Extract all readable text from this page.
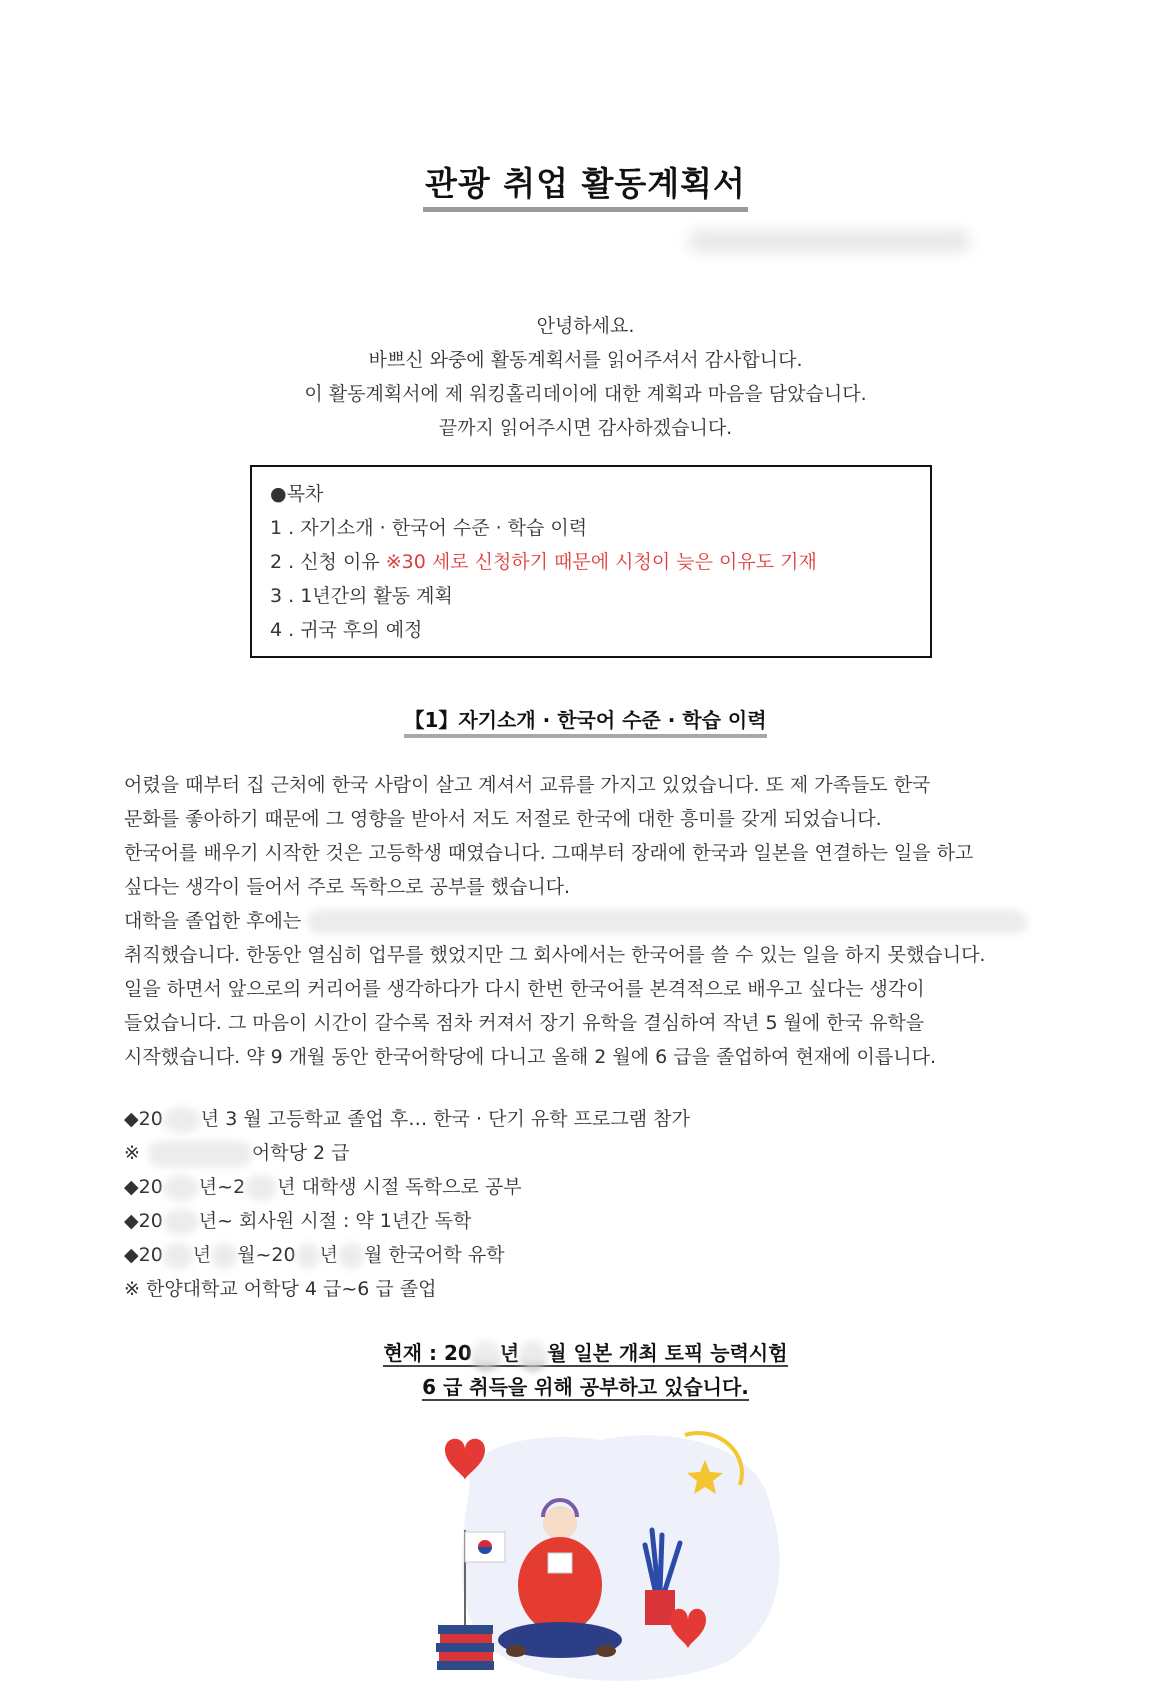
관광 취업 활동계획서
안녕하세요.
바쁘신 와중에 활동계획서를 읽어주셔서 감사합니다.
이 활동계획서에 제 워킹홀리데이에 대한 계획과 마음을 담았습니다.
끝까지 읽어주시면 감사하겠습니다.
●목차
1 . 자기소개 · 한국어 수준 · 학습 이력
2 . 신청 이유 ※30 세로 신청하기 때문에 시청이 늦은 이유도 기재
3 . 1년간의 활동 계획
4 . 귀국 후의 예정
【1】자기소개 · 한국어 수준 · 학습 이력

어렸을 때부터 집 근처에 한국 사람이 살고 계셔서 교류를 가지고 있었습니다. 또 제 가족들도 한국

문화를 좋아하기 때문에 그 영향을 받아서 저도 저절로 한국에 대한 흥미를 갖게 되었습니다.

한국어를 배우기 시작한 것은 고등학생 때였습니다. 그때부터 장래에 한국과 일본을 연결하는 일을 하고

싶다는 생각이 들어서 주로 독학으로 공부를 했습니다.

대학을 졸업한 후에는

취직했습니다. 한동안 열심히 업무를 했었지만 그 회사에서는 한국어를 쓸 수 있는 일을 하지 못했습니다.

일을 하면서 앞으로의 커리어를 생각하다가 다시 한번 한국어를 본격적으로 배우고 싶다는 생각이

들었습니다. 그 마음이 시간이 갈수록 점차 커져서 장기 유학을 결심하여 작년 5 월에 한국 유학을

시작했습니다. 약 9 개월 동안 한국어학당에 다니고 올해 2 월에 6 급을 졸업하여 현재에 이릅니다.

◆20 년 3 월 고등학교 졸업 후… 한국 · 단기 유학 프로그램 참가

※	어학당 2 급

◆20 년~2 년 대학생 시절 독학으로 공부

◆20 년~ 회사원 시절 : 약 1년간 독학

◆20 년 월~20 년 월 한국어학 유학

※ 한양대학교 어학당 4 급~6 급 졸업

현재 : 20 년 월 일본 개최 토픽 능력시험
6 급 취득을 위해 공부하고 있습니다.
